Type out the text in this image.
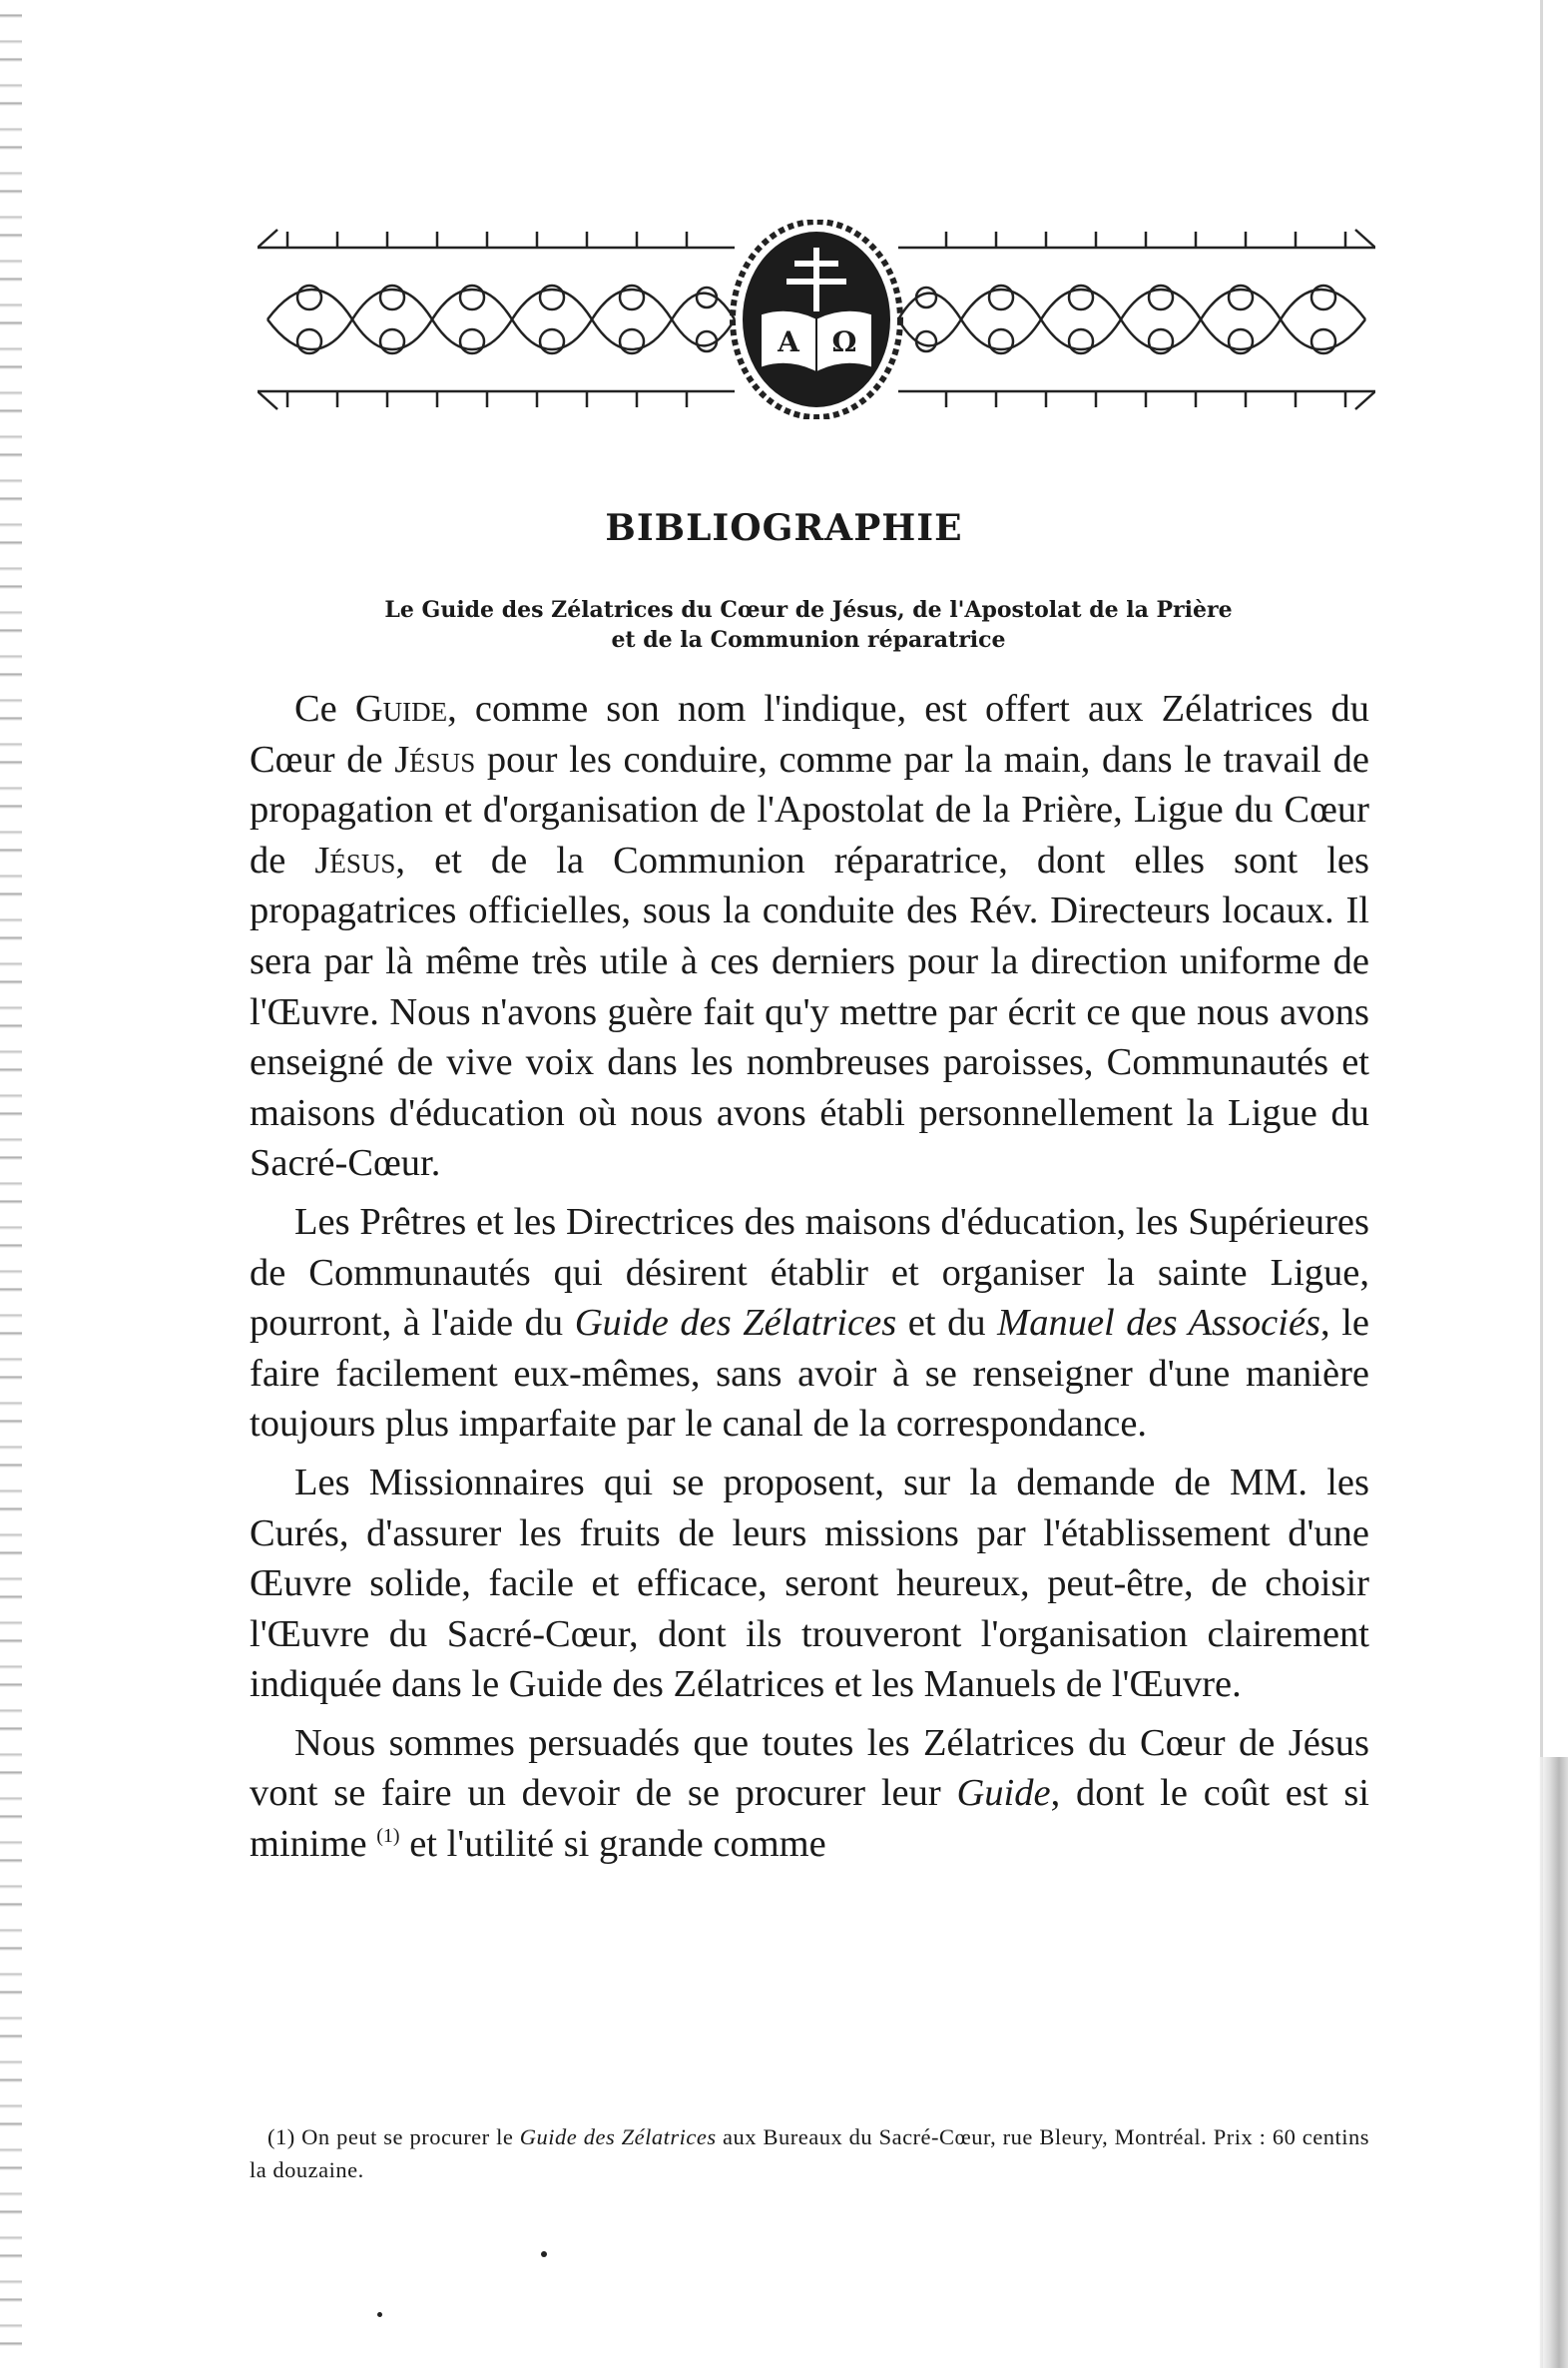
A Ω
BIBLIOGRAPHIE

Le Guide des Zélatrices du Cœur de Jésus, de l'Apostolat de la Prière
et de la Communion réparatrice

Ce Guide, comme son nom l'indique, est offert aux Zélatrices du Cœur de Jésus pour les conduire, comme par la main, dans le travail de propagation et d'organisation de l'Apostolat de la Prière, Ligue du Cœur de Jésus, et de la Communion réparatrice, dont elles sont les propagatrices officielles, sous la conduite des Rév. Directeurs locaux. Il sera par là même très utile à ces derniers pour la direction uniforme de l'Œuvre. Nous n'avons guère fait qu'y mettre par écrit ce que nous avons enseigné de vive voix dans les nombreuses paroisses, Communautés et maisons d'éducation où nous avons établi personnellement la Ligue du Sacré-Cœur.

Les Prêtres et les Directrices des maisons d'éducation, les Supérieures de Communautés qui désirent établir et organiser la sainte Ligue, pourront, à l'aide du Guide des Zélatrices et du Manuel des Associés, le faire facilement eux-mêmes, sans avoir à se renseigner d'une manière toujours plus imparfaite par le canal de la correspondance.

Les Missionnaires qui se proposent, sur la demande de MM. les Curés, d'assurer les fruits de leurs missions par l'établissement d'une Œuvre solide, facile et efficace, seront heureux, peut-être, de choisir l'Œuvre du Sacré-Cœur, dont ils trouveront l'organisation clairement indiquée dans le Guide des Zélatrices et les Manuels de l'Œuvre.

Nous sommes persuadés que toutes les Zélatrices du Cœur de Jésus vont se faire un devoir de se procurer leur Guide, dont le coût est si minime $^{(1)}$ et l'utilité si grande comme

(1) On peut se procurer le Guide des Zélatrices aux Bureaux du Sacré-Cœur, rue Bleury, Montréal. Prix : 60 centins la douzaine.
